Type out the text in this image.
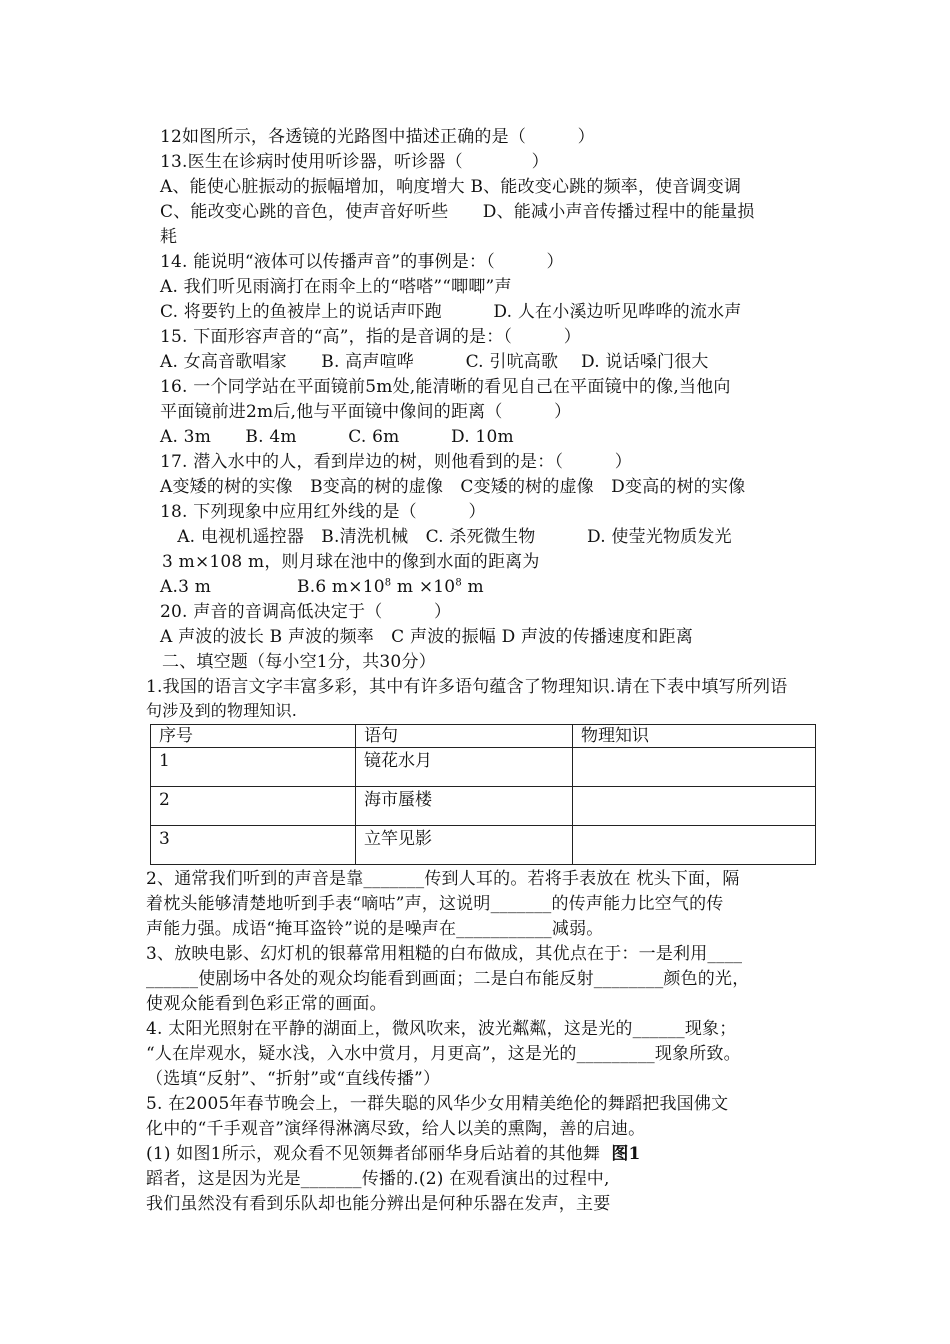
12如图所示，各透镜的光路图中描述正确的是（　　　）
13.医生在诊病时使用听诊器，听诊器（　　　　）
A、能使心脏振动的振幅增加，响度增大 B、能改变心跳的频率，使音调变调
C、能改变心跳的音色，使声音好听些　　D、能减小声音传播过程中的能量损
耗
14. 能说明“液体可以传播声音”的事例是：（　　　）
A. 我们听见雨滴打在雨伞上的“嗒嗒”“唧唧”声
C. 将要钓上的鱼被岸上的说话声吓跑　　　D. 人在小溪边听见哗哗的流水声
15. 下面形容声音的“高”，指的是音调的是：（　　　）
A. 女高音歌唱家　　B. 高声喧哗　　　C. 引吭高歌　 D. 说话嗓门很大
16. 一个同学站在平面镜前5m处,能清晰的看见自己在平面镜中的像,当他向
平面镜前进2m后,他与平面镜中像间的距离（　　　）
A. 3m　　B. 4m　　　C. 6m　　　D. 10m
17. 潜入水中的人，看到岸边的树，则他看到的是：（　　　）
A变矮的树的实像　B变高的树的虚像　C变矮的树的虚像　D变高的树的实像
18. 下列现象中应用红外线的是（　　　）
　A. 电视机遥控器　B.清洗机械　C. 杀死微生物　　　D. 使莹光物质发光
3 m×108 m，则月球在池中的像到水面的距离为
A.3 m　　　　　B.6 $m\times 10^8$ $m \times 10^8$ m
20. 声音的音调高低决定于（　　　）
A 声波的波长 B 声波的频率　C 声波的振幅 D 声波的传播速度和距离
二、填空题（每小空1分，共30分）
1.我国的语言文字丰富多彩，其中有许多语句蕴含了物理知识.请在下表中填写所列语
句涉及到的物理知识.
序号	语句	物理知识
1	镜花水月	
2	海市蜃楼	
3	立竿见影	
2、通常我们听到的声音是靠_______传到人耳的。若将手表放在 枕头下面，隔
着枕头能够清楚地听到手表“嘀咕”声，这说明_______的传声能力比空气的传
声能力强。成语“掩耳盗铃”说的是噪声在___________减弱。
3、放映电影、幻灯机的银幕常用粗糙的白布做成，其优点在于：一是利用____
______使剧场中各处的观众均能看到画面；二是白布能反射________颜色的光，
使观众能看到色彩正常的画面。
4. 太阳光照射在平静的湖面上，微风吹来，波光粼粼，这是光的______现象；
“人在岸观水，疑水浅，入水中赏月，月更高”，这是光的_________现象所致。
（选填“反射”、“折射”或“直线传播”）
5. 在2005年春节晚会上，一群失聪的风华少女用精美绝伦的舞蹈把我国佛文
化中的“千手观音”演绎得淋漓尽致，给人以美的熏陶，善的启迪。
(1) 如图1所示，观众看不见领舞者邰丽华身后站着的其他舞 图1
蹈者，这是因为光是_______传播的.(2) 在观看演出的过程中,
我们虽然没有看到乐队却也能分辨出是何种乐器在发声，主要
